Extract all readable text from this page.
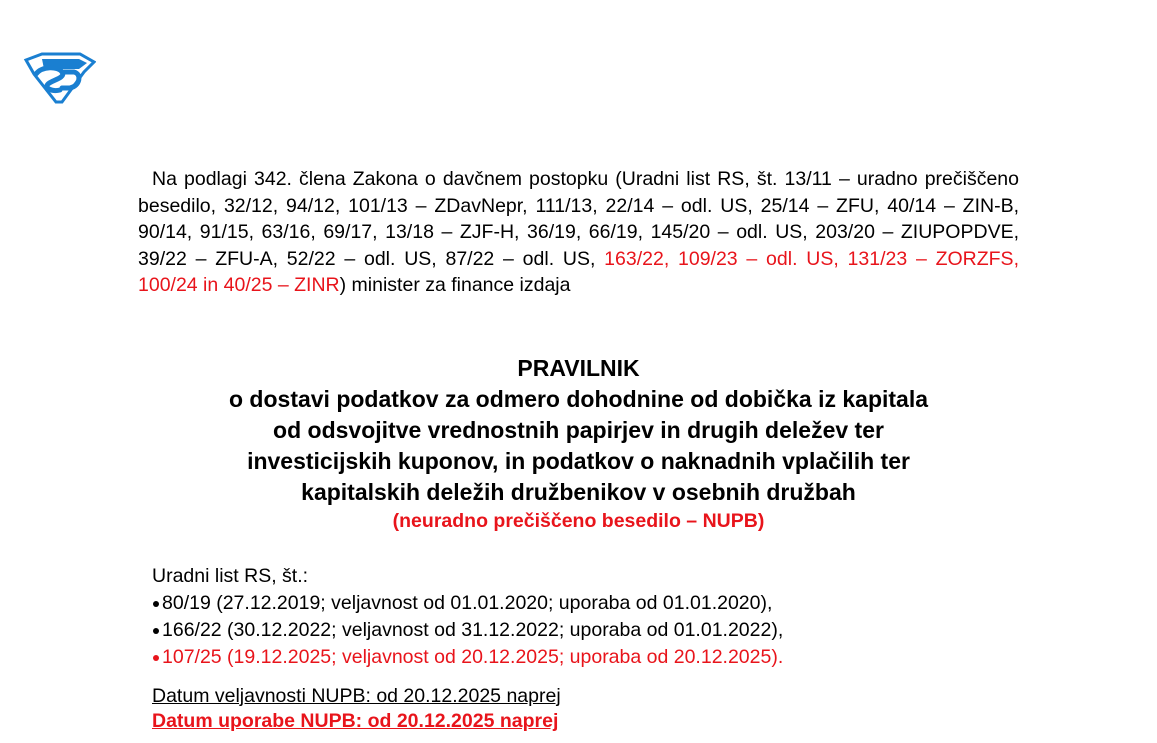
Na podlagi 342. člena Zakona o davčnem postopku (Uradni list RS, št. 13/11 – uradno prečiščeno besedilo, 32/12, 94/12, 101/13 – ZDavNepr, 111/13, 22/14 – odl. US, 25/14 – ZFU, 40/14 – ZIN-B, 90/14, 91/15, 63/16, 69/17, 13/18 – ZJF-H, 36/19, 66/19, 145/20 – odl. US, 203/20 – ZIUPOPDVE, 39/22 – ZFU-A, 52/22 – odl. US, 87/22 – odl. US, 163/22, 109/23 – odl. US, 131/23 – ZORZFS, 100/24 in 40/25 – ZINR) minister za finance izdaja
PRAVILNIK
o dostavi podatkov za odmero dohodnine od dobička iz kapitala
od odsvojitve vrednostnih papirjev in drugih deležev ter
investicijskih kuponov, in podatkov o naknadnih vplačilih ter
kapitalskih deležih družbenikov v osebnih družbah
(neuradno prečiščeno besedilo – NUPB)
Uradni list RS, št.:
80/19 (27.12.2019; veljavnost od 01.01.2020; uporaba od 01.01.2020),
166/22 (30.12.2022; veljavnost od 31.12.2022; uporaba od 01.01.2022),
107/25 (19.12.2025; veljavnost od 20.12.2025; uporaba od 20.12.2025).
Datum veljavnosti NUPB: od 20.12.2025 naprej
Datum uporabe NUPB: od 20.12.2025 naprej
